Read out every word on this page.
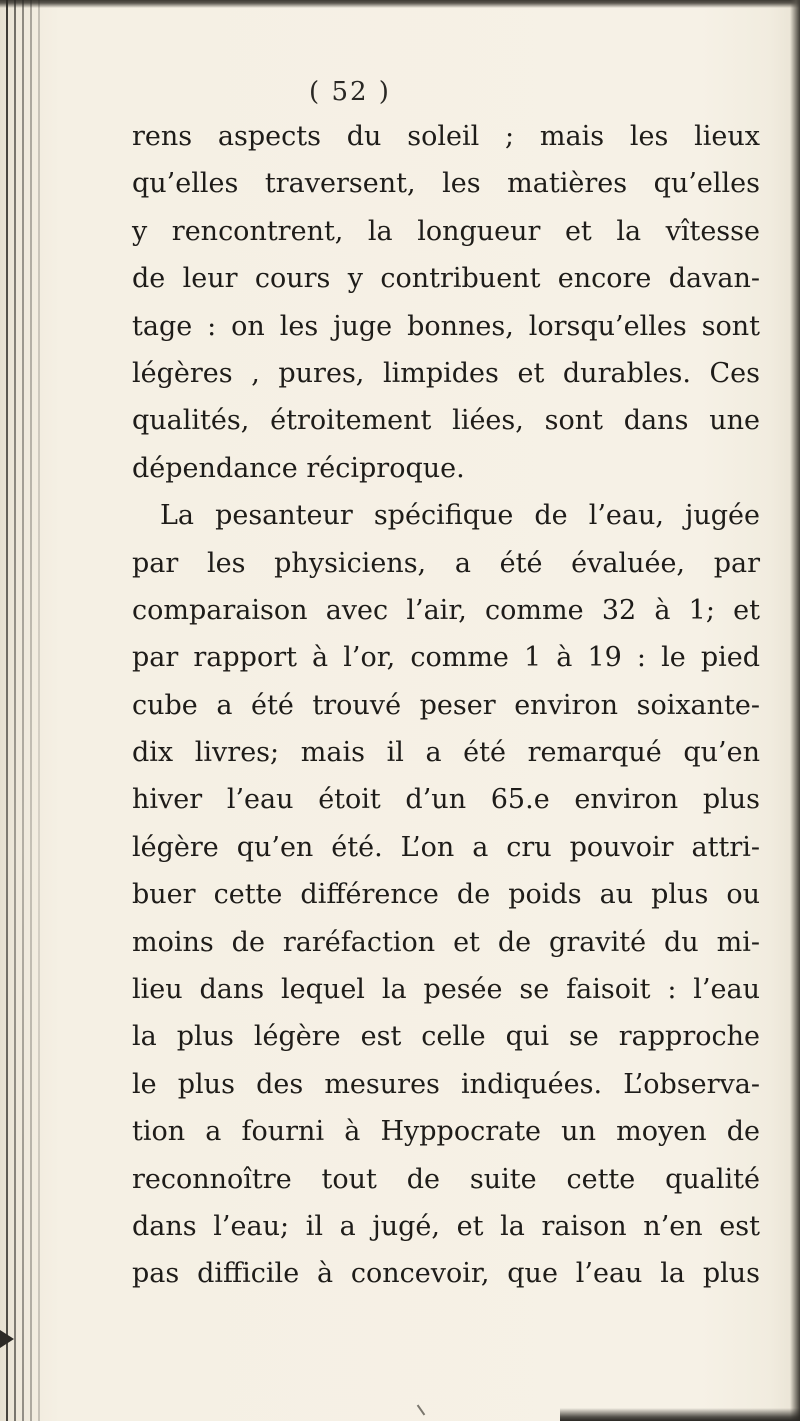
( 52 )
rens aspects du soleil ; mais les lieux
qu’elles traversent, les matières qu’elles
y rencontrent, la longueur et la vîtesse
de leur cours y contribuent encore davan-
tage : on les juge bonnes, lorsqu’elles sont
légères , pures, limpides et durables. Ces
qualités, étroitement liées, sont dans une
dépendance réciproque.
La pesanteur spécifique de l’eau, jugée
par les physiciens, a été évaluée, par
comparaison avec l’air, comme 32 à 1; et
par rapport à l’or, comme 1 à 19 : le pied
cube a été trouvé peser environ soixante-
dix livres; mais il a été remarqué qu’en
hiver l’eau étoit d’un 65.e environ plus
légère qu’en été. L’on a cru pouvoir attri-
buer cette différence de poids au plus ou
moins de raréfaction et de gravité du mi-
lieu dans lequel la pesée se faisoit : l’eau
la plus légère est celle qui se rapproche
le plus des mesures indiquées. L’observa-
tion a fourni à Hyppocrate un moyen de
reconnoître tout de suite cette qualité
dans l’eau; il a jugé, et la raison n’en est
pas difficile à concevoir, que l’eau la plus
